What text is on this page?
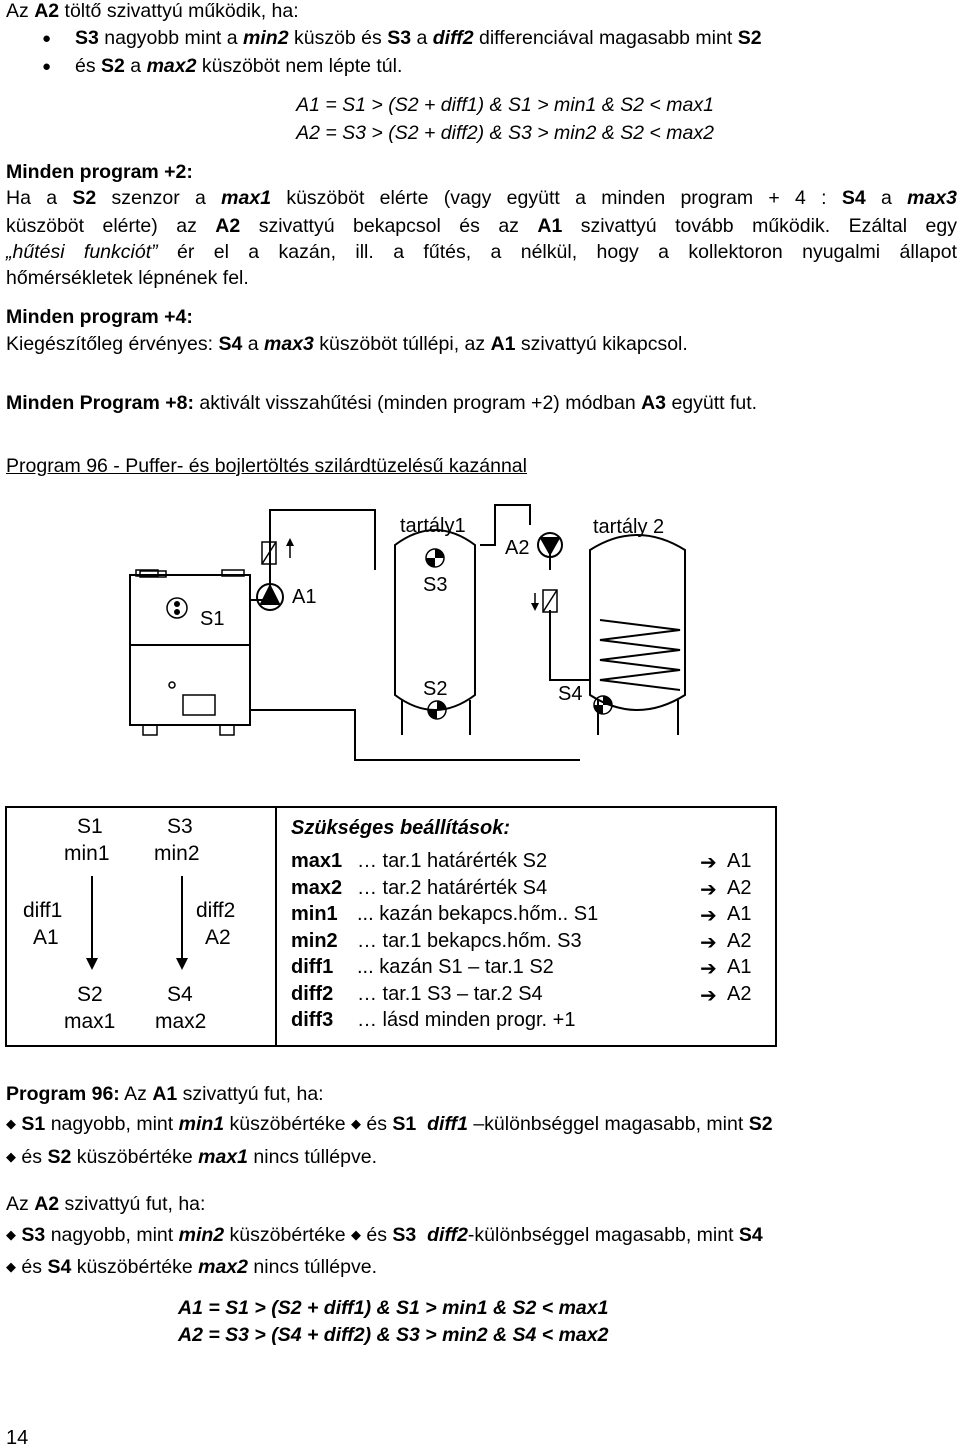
Az A2 töltő szivattyú működik, ha:
● S3 nagyobb mint a min2 küszöb és S3 a diff2 differenciával magasabb mint S2
● és S2 a max2 küszöböt nem lépte túl.
A1 = S1 > (S2 + diff1) & S1 > min1 & S2 < max1
A2 = S3 > (S2 + diff2) & S3 > min2 & S2 < max2
Minden program +2:
Ha a S2 szenzor a max1 küszöböt elérte (vagy együtt a minden program + 4 : S4 a max3
küszöböt elérte) az A2 szivattyú bekapcsol és az A1 szivattyú tovább működik. Ezáltal egy
„hűtési funkciót” ér el a kazán, ill. a fűtés, a nélkül, hogy a kollektoron nyugalmi állapot
hőmérsékletek lépnének fel.
Minden program +4:
Kiegészítőleg érvényes: S4 a max3 küszöböt túllépi, az A1 szivattyú kikapcsol.
Minden Program +8: aktivált visszahűtési (minden program +2) módban A3 együtt fut.
Program 96 - Puffer- és bojlertöltés szilárdtüzelésű kazánnal
tartály1	tartály 2
S1
A1
S3
A2
S2	S4
S1
min1
S3
min2
diff1
A1
diff2
A2
S2
max1
S4
max2
Szükséges beállítások:
max1 … tar.1 határérték S2	➔ A1
max2 … tar.2 határérték S4	➔ A2
min1 ... kazán bekapcs.hőm.. S1	➔ A1
min2 … tar.1 bekapcs.hőm. S3	➔ A2
diff1 ... kazán S1 – tar.1 S2	➔ A1
diff2 … tar.1 S3 – tar.2 S4	➔ A2
diff3 … lásd minden progr. +1
Program 96: Az A1 szivattyú fut, ha:
◆ S1 nagyobb, mint min1 küszöbértéke ◆ és S1 diff1 –különbséggel magasabb, mint S2
◆ és S2 küszöbértéke max1 nincs túllépve.
Az A2 szivattyú fut, ha:
◆ S3 nagyobb, mint min2 küszöbértéke ◆ és S3 diff2-különbséggel magasabb, mint S4
◆ és S4 küszöbértéke max2 nincs túllépve.
A1 = S1 > (S2 + diff1) & S1 > min1 & S2 < max1
A2 = S3 > (S4 + diff2) & S3 > min2 & S4 < max2
14
